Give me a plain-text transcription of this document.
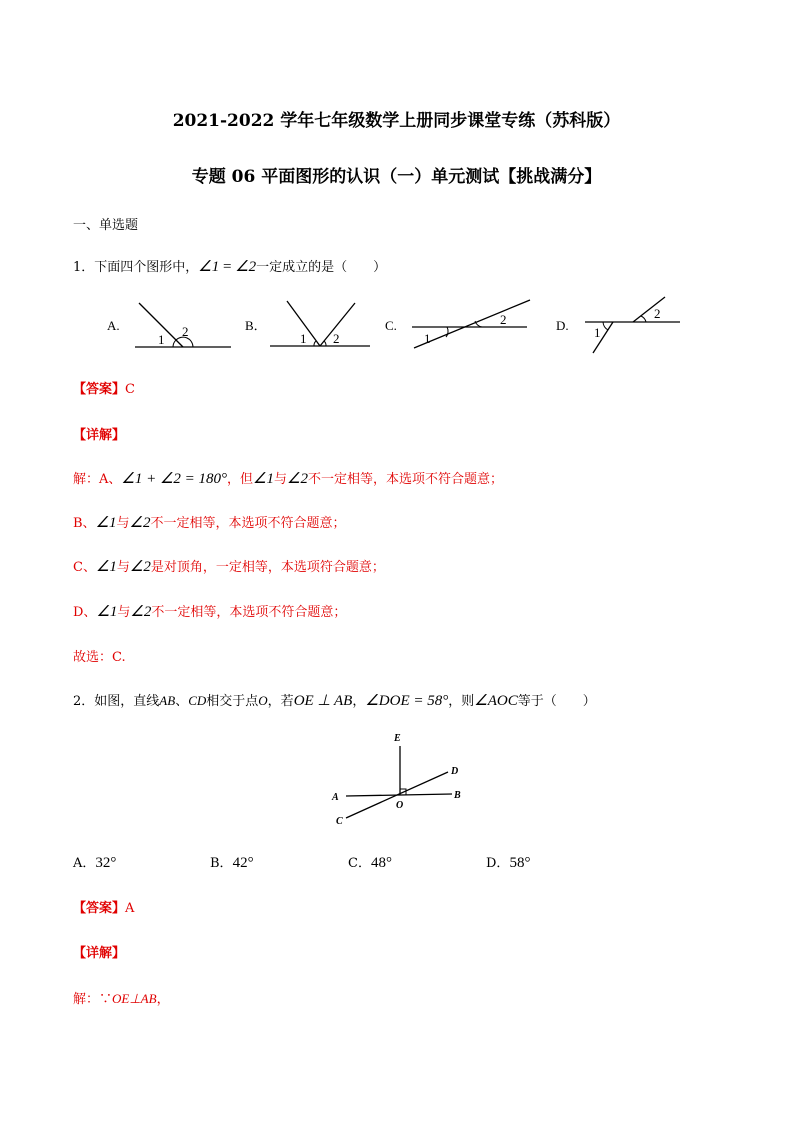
2021-2022 学年七年级数学上册同步课堂专练（苏科版）
专题 06 平面图形的认识（一）单元测试【挑战满分】
一、单选题
1．下面四个图形中，∠1 = ∠2一定成立的是（　　）
A.
1
2	B．
1 2
C.
1
2	D. 1
2
【答案】C
【详解】
解：A、∠1 + ∠2 = 180°，但∠1与∠2不一定相等，本选项不符合题意；
B、∠1与∠2不一定相等，本选项不符合题意；
C、∠1与∠2是对顶角，一定相等，本选项符合题意；
D、∠1与∠2不一定相等，本选项不符合题意；
故选：C.
2．如图，直线AB、CD相交于点O，若OE ⊥ AB，∠DOE = 58°，则∠AOC等于（　　）
E
D
A
O
B
C
A．32°	B．42°	C．48°	D．58°
【答案】A
【详解】
解：∵OE⊥AB，
